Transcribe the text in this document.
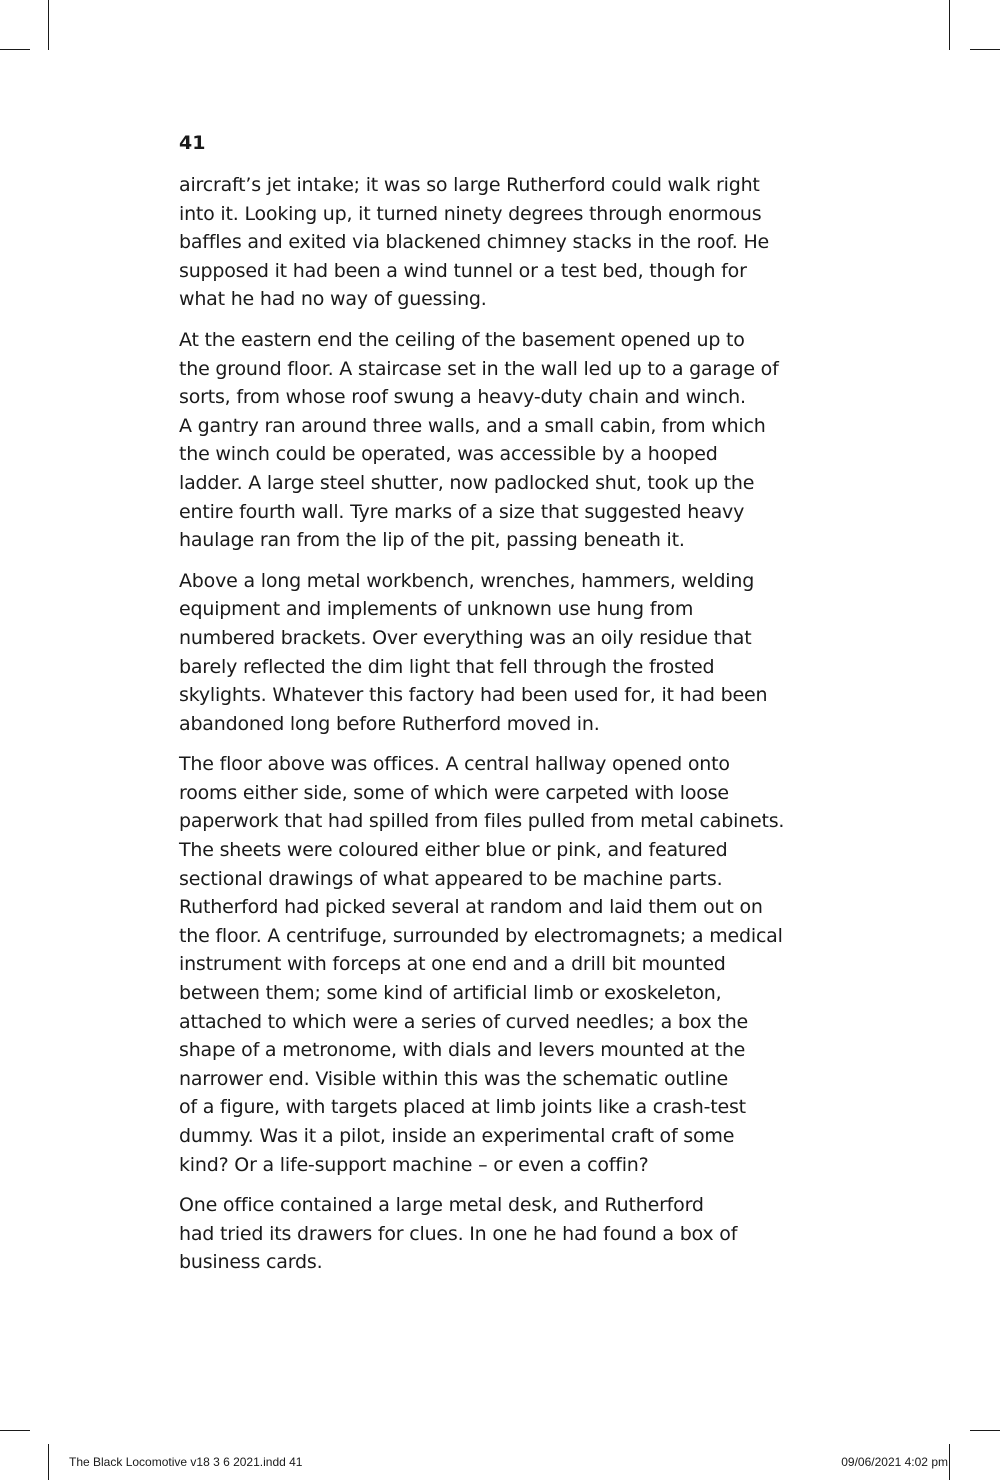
41

aircraft’s jet intake; it was so large Rutherford could walk right
into it. Looking up, it turned ninety degrees through enormous
baffles and exited via blackened chimney stacks in the roof. He
supposed it had been a wind tunnel or a test bed, though for
what he had no way of guessing.

At the eastern end the ceiling of the basement opened up to
the ground floor. A staircase set in the wall led up to a garage of
sorts, from whose roof swung a heavy-duty chain and winch.
A gantry ran around three walls, and a small cabin, from which
the winch could be operated, was accessible by a hooped
ladder. A large steel shutter, now padlocked shut, took up the
entire fourth wall. Tyre marks of a size that suggested heavy
haulage ran from the lip of the pit, passing beneath it.

Above a long metal workbench, wrenches, hammers, welding
equipment and implements of unknown use hung from
numbered brackets. Over everything was an oily residue that
barely reflected the dim light that fell through the frosted
skylights. Whatever this factory had been used for, it had been
abandoned long before Rutherford moved in.

The floor above was offices. A central hallway opened onto
rooms either side, some of which were carpeted with loose
paperwork that had spilled from files pulled from metal cabinets.
The sheets were coloured either blue or pink, and featured
sectional drawings of what appeared to be machine parts.
Rutherford had picked several at random and laid them out on
the floor. A centrifuge, surrounded by electromagnets; a medical
instrument with forceps at one end and a drill bit mounted
between them; some kind of artificial limb or exoskeleton,
attached to which were a series of curved needles; a box the
shape of a metronome, with dials and levers mounted at the
narrower end. Visible within this was the schematic outline
of a figure, with targets placed at limb joints like a crash-test
dummy. Was it a pilot, inside an experimental craft of some
kind? Or a life-support machine – or even a coffin?

One office contained a large metal desk, and Rutherford
had tried its drawers for clues. In one he had found a box of
business cards.

The Black Locomotive v18 3 6 2021.indd 41	09/06/2021 4:02 pm
